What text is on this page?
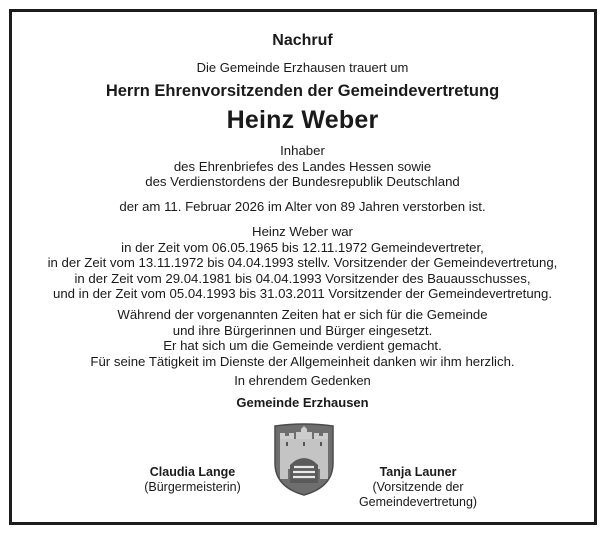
Nachruf
Die Gemeinde Erzhausen trauert um
Herrn Ehrenvorsitzenden der Gemeindevertretung
Heinz Weber
Inhaber
des Ehrenbriefes des Landes Hessen sowie
des Verdienstordens der Bundesrepublik Deutschland
der am 11. Februar 2026 im Alter von 89 Jahren verstorben ist.
Heinz Weber war
in der Zeit vom 06.05.1965 bis 12.11.1972 Gemeindevertreter,
in der Zeit vom 13.11.1972 bis 04.04.1993 stellv. Vorsitzender der Gemeindevertretung,
in der Zeit vom 29.04.1981 bis 04.04.1993 Vorsitzender des Bauausschusses,
und in der Zeit vom 05.04.1993 bis 31.03.2011 Vorsitzender der Gemeindevertretung.
Während der vorgenannten Zeiten hat er sich für die Gemeinde
und ihre Bürgerinnen und Bürger eingesetzt.
Er hat sich um die Gemeinde verdient gemacht.
Für seine Tätigkeit im Dienste der Allgemeinheit danken wir ihm herzlich.
In ehrendem Gedenken
Gemeinde Erzhausen
Claudia Lange
(Bürgermeisterin)
Tanja Launer
(Vorsitzende der
Gemeindevertretung)
